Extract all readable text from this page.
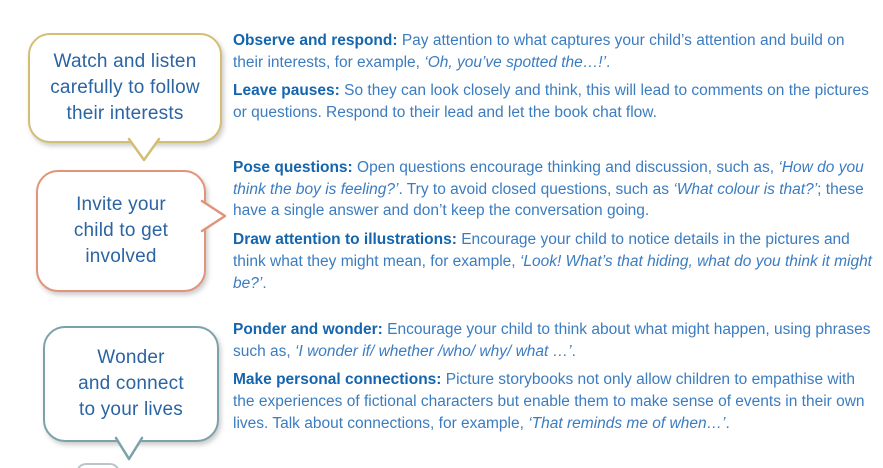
Watch and listen
carefully to follow
their interests
Invite your
child to get
involved
Wonder
and connect
to your lives

Observe and respond: Pay attention to what captures your child’s attention and build on their interests, for example, ‘Oh, you’ve spotted the…!’.

Leave pauses: So they can look closely and think, this will lead to comments on the pictures or questions. Respond to their lead and let the book chat flow.

Pose questions: Open questions encourage thinking and discussion, such as, ‘How do you think the boy is feeling?’. Try to avoid closed questions, such as ‘What colour is that?’; these have a single answer and don’t keep the conversation going.

Draw attention to illustrations: Encourage your child to notice details in the pictures and think what they might mean, for example, ‘Look! What’s that hiding, what do you think it might be?’.

Ponder and wonder: Encourage your child to think about what might happen, using phrases such as, ‘I wonder if/ whether /who/ why/ what …’.

Make personal connections: Picture storybooks not only allow children to empathise with the experiences of fictional characters but enable them to make sense of events in their own lives. Talk about connections, for example, ‘That reminds me of when…’.
